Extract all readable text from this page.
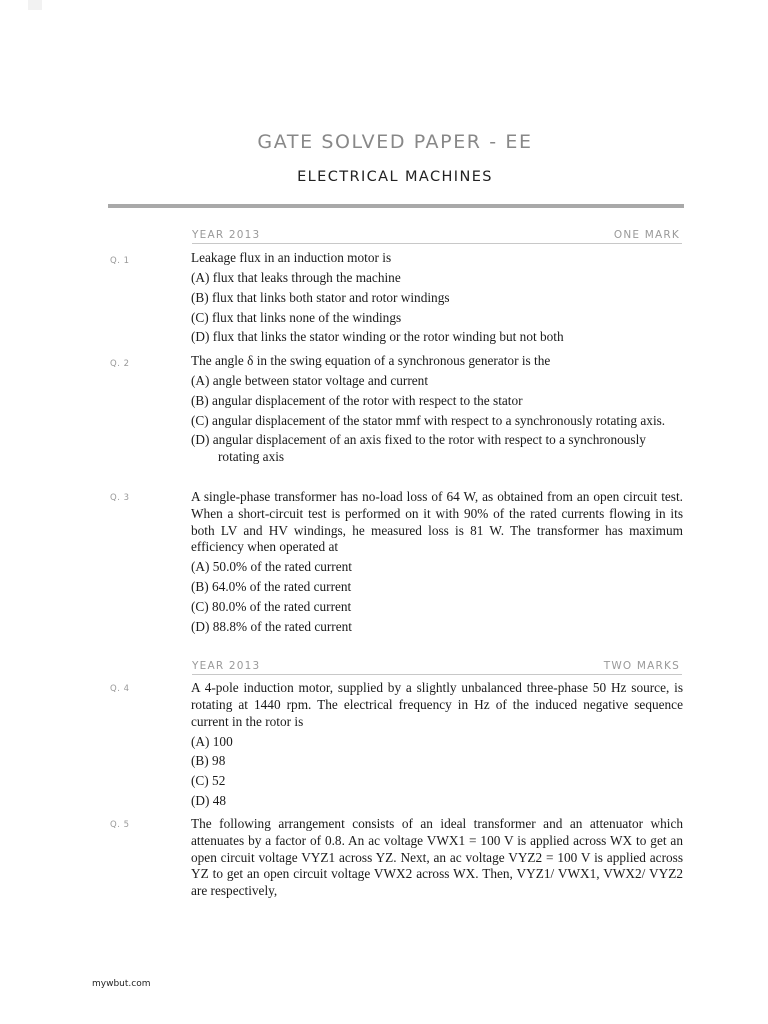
GATE SOLVED PAPER - EE
ELECTRICAL MACHINES
YEAR 2013	ONE MARK
Q. 1	Leakage flux in an induction motor is
(A) flux that leaks through the machine
(B) flux that links both stator and rotor windings
(C) flux that links none of the windings
(D) flux that links the stator winding or the rotor winding but not both
Q. 2	The angle δ in the swing equation of a synchronous generator is the
(A) angle between stator voltage and current
(B) angular displacement of the rotor with respect to the stator
(C) angular displacement of the stator mmf with respect to a synchronously rotating axis.
(D) angular displacement of an axis fixed to the rotor with respect to a synchronously rotating axis
Q. 3	A single-phase transformer has no-load loss of 64 W, as obtained from an open circuit test. When a short-circuit test is performed on it with 90% of the rated currents flowing in its both LV and HV windings, he measured loss is 81 W. The transformer has maximum efficiency when operated at
(A) 50.0% of the rated current
(B) 64.0% of the rated current
(C) 80.0% of the rated current
(D) 88.8% of the rated current
YEAR 2013	TWO MARKS
Q. 4	A 4-pole induction motor, supplied by a slightly unbalanced three-phase 50 Hz source, is rotating at 1440 rpm. The electrical frequency in Hz of the induced negative sequence current in the rotor is
(A) 100
(B) 98
(C) 52
(D) 48
Q. 5	The following arrangement consists of an ideal transformer and an attenuator which attenuates by a factor of 0.8. An ac voltage VWX1 = 100 V is applied across WX to get an open circuit voltage VYZ1 across YZ. Next, an ac voltage VYZ2 = 100 V is applied across YZ to get an open circuit voltage VWX2 across WX. Then, VYZ1/ VWX1, VWX2/ VYZ2 are respectively,
mywbut.com
